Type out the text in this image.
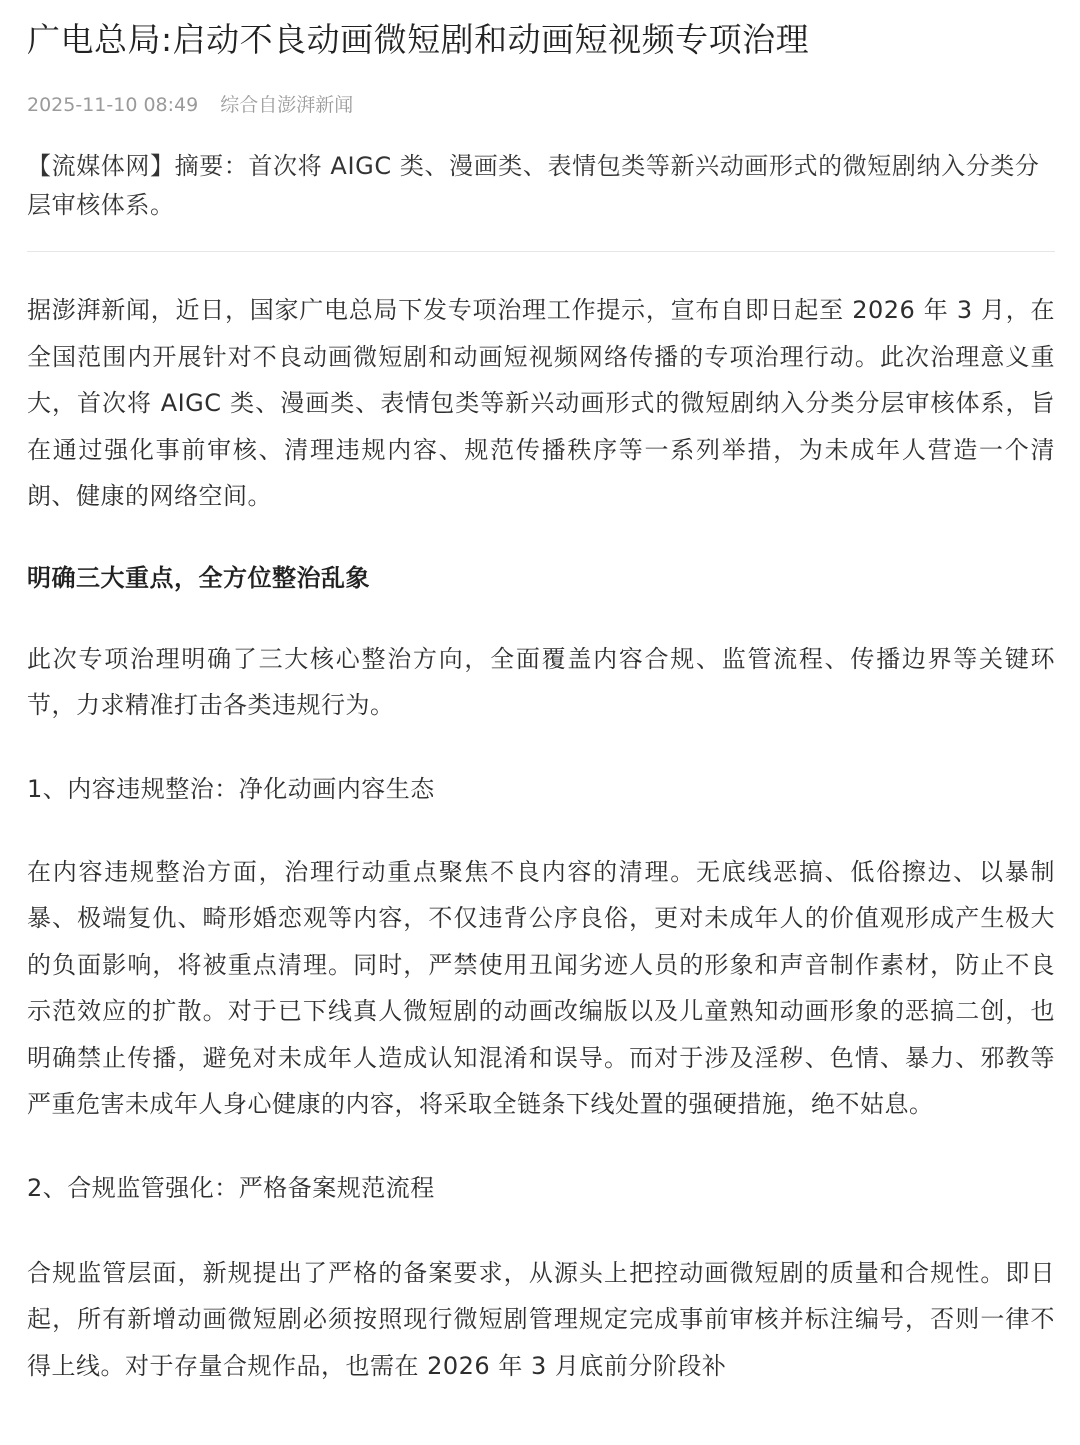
广电总局:启动不良动画微短剧和动画短视频专项治理
2025-11-10 08:49 综合自澎湃新闻
【流媒体网】摘要：首次将 AIGC 类、漫画类、表情包类等新兴动画形式的微短剧纳入分类分层审核体系。

据澎湃新闻，近日，国家广电总局下发专项治理工作提示，宣布自即日起至 2026 年 3 月，在全国范围内开展针对不良动画微短剧和动画短视频网络传播的专项治理行动。此次治理意义重大，首次将 AIGC 类、漫画类、表情包类等新兴动画形式的微短剧纳入分类分层审核体系，旨在通过强化事前审核、清理违规内容、规范传播秩序等一系列举措，为未成年人营造一个清朗、健康的网络空间。

明确三大重点，全方位整治乱象

此次专项治理明确了三大核心整治方向，全面覆盖内容合规、监管流程、传播边界等关键环节，力求精准打击各类违规行为。

1、内容违规整治：净化动画内容生态

在内容违规整治方面，治理行动重点聚焦不良内容的清理。无底线恶搞、低俗擦边、以暴制暴、极端复仇、畸形婚恋观等内容，不仅违背公序良俗，更对未成年人的价值观形成产生极大的负面影响，将被重点清理。同时，严禁使用丑闻劣迹人员的形象和声音制作素材，防止不良示范效应的扩散。对于已下线真人微短剧的动画改编版以及儿童熟知动画形象的恶搞二创，也明确禁止传播，避免对未成年人造成认知混淆和误导。而对于涉及淫秽、色情、暴力、邪教等严重危害未成年人身心健康的内容，将采取全链条下线处置的强硬措施，绝不姑息。

2、合规监管强化：严格备案规范流程

合规监管层面，新规提出了严格的备案要求，从源头上把控动画微短剧的质量和合规性。即日起，所有新增动画微短剧必须按照现行微短剧管理规定完成事前审核并标注编号，否则一律不得上线。对于存量合规作品，也需在 2026 年 3 月底前分阶段补
